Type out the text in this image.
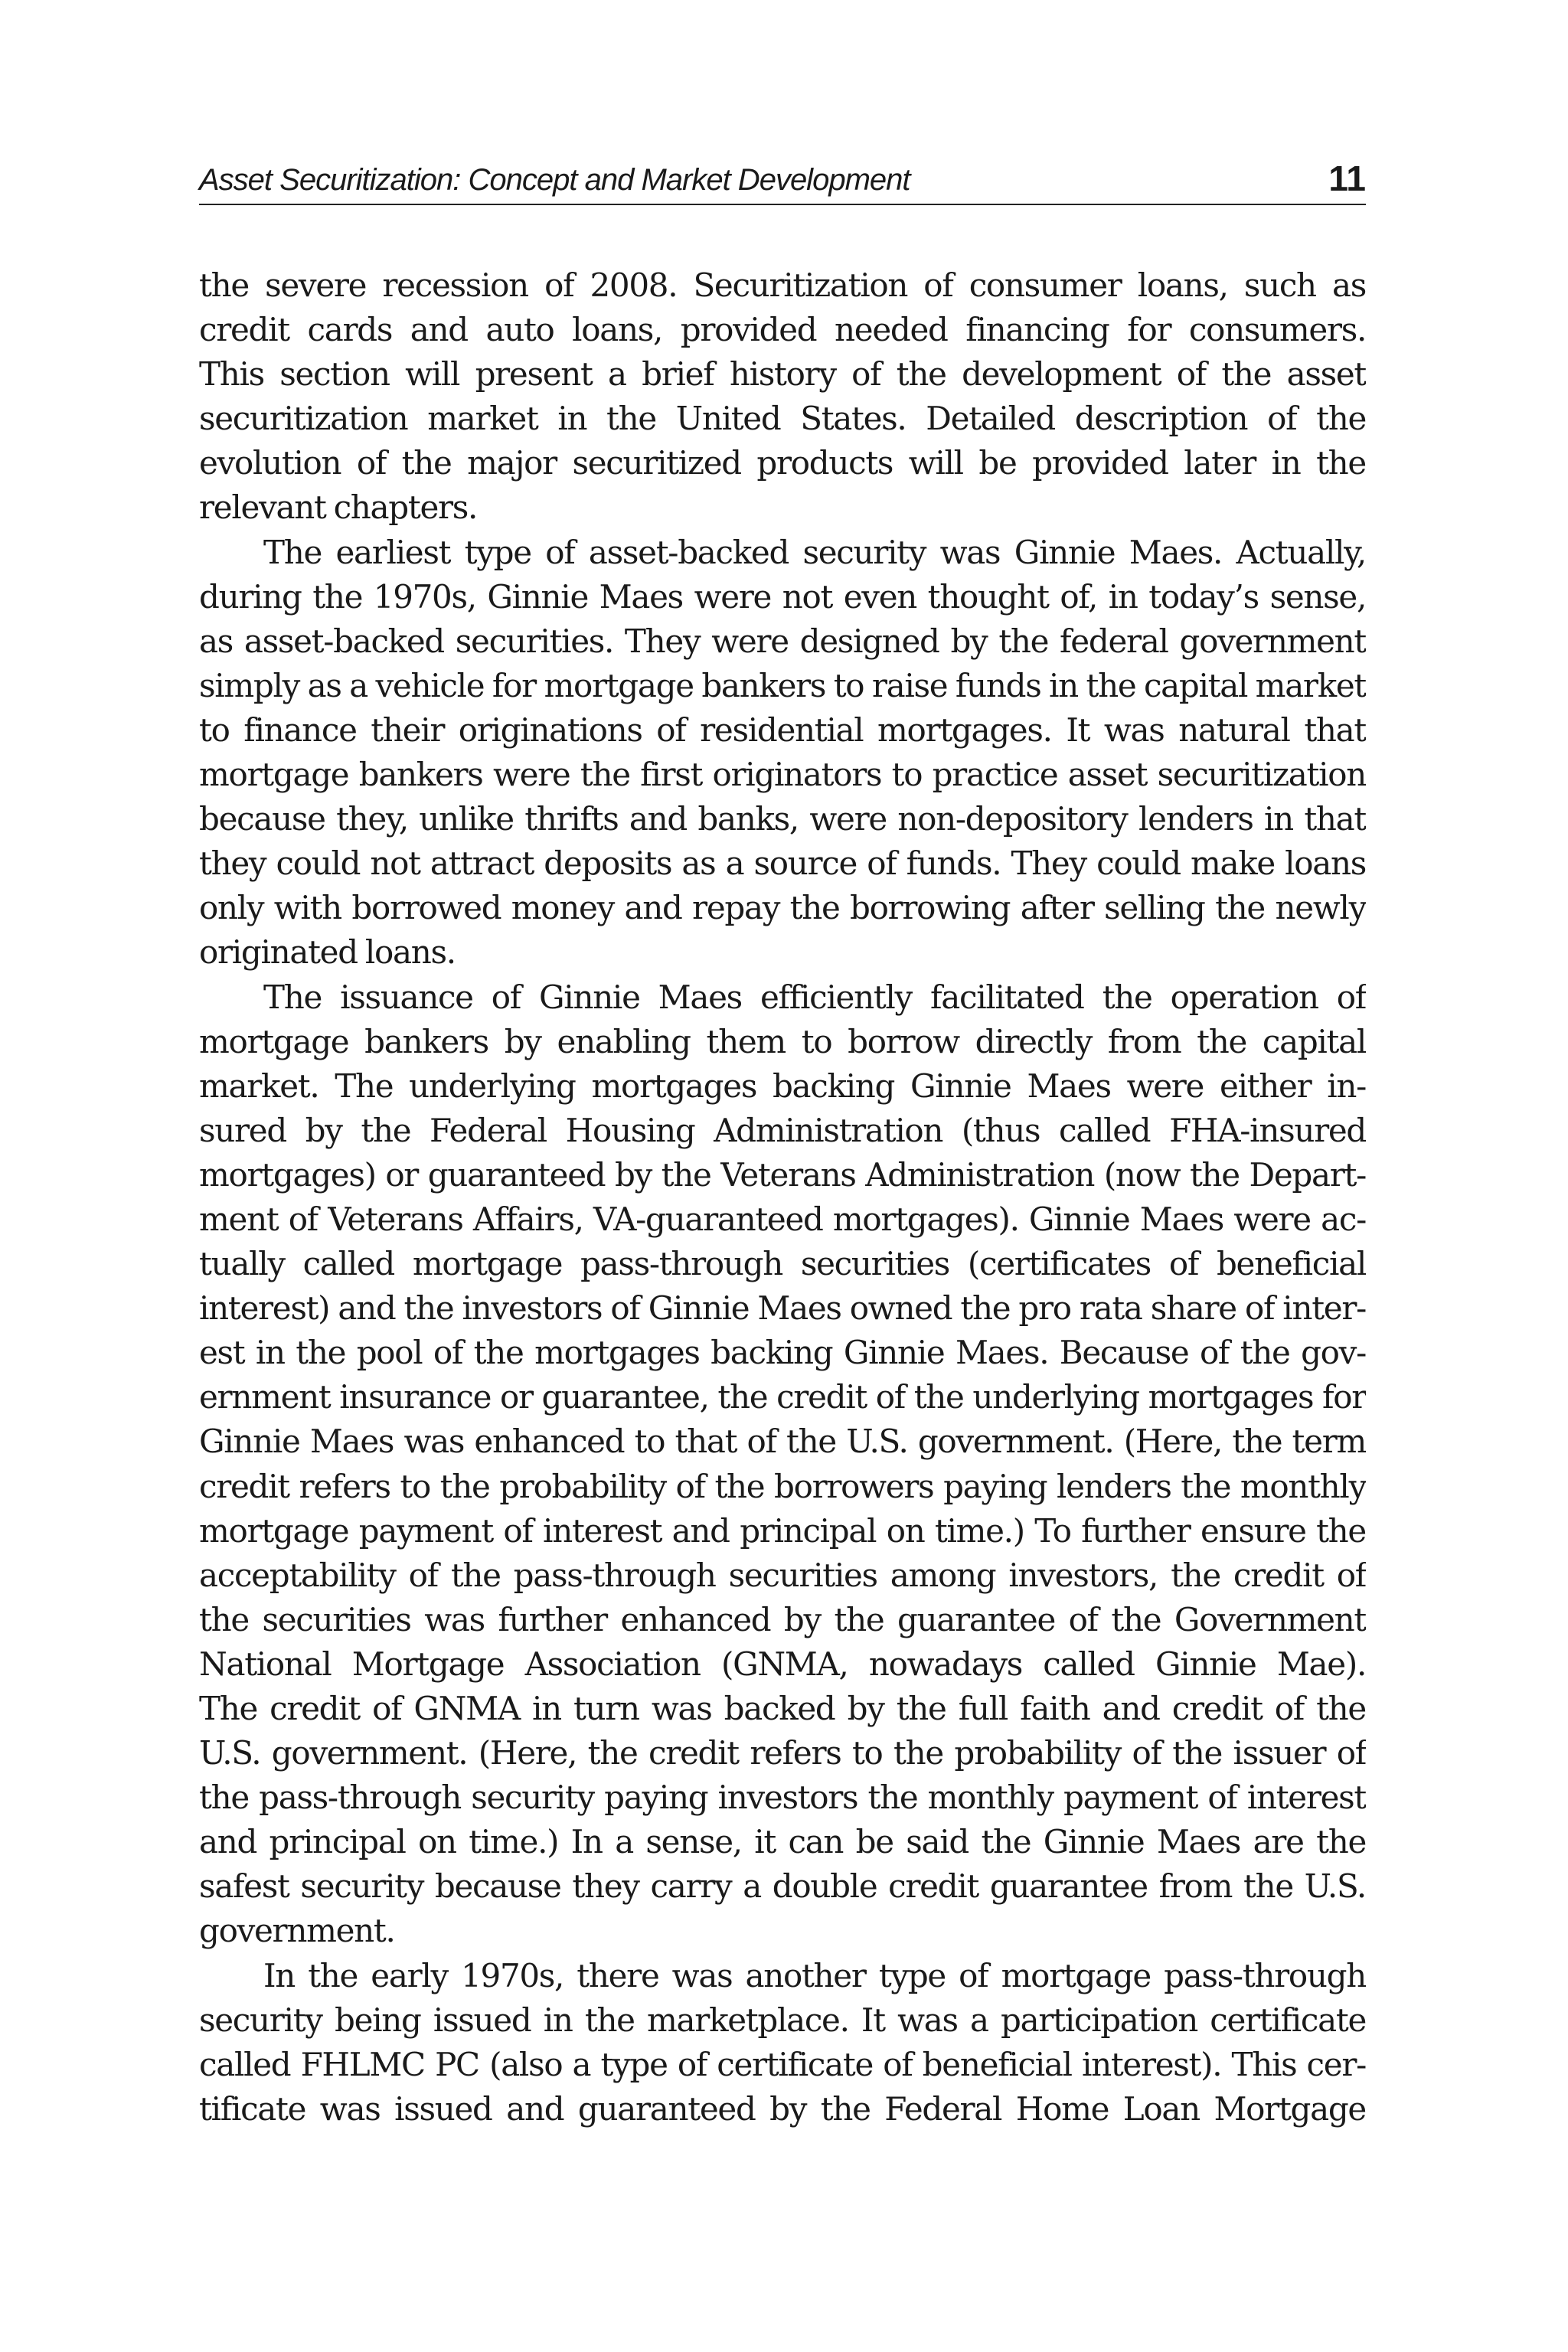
Asset Securitization: Concept and Market Development	11
the severe recession of 2008. Securitization of consumer loans, such as
credit cards and auto loans, provided needed financing for consumers.
This section will present a brief history of the development of the asset
securitization market in the United States. Detailed description of the
evolution of the major securitized products will be provided later in the
relevant chapters.
The earliest type of asset-backed security was Ginnie Maes. Actually,
during the 1970s, Ginnie Maes were not even thought of, in today’s sense,
as asset-backed securities. They were designed by the federal government
simply as a vehicle for mortgage bankers to raise funds in the capital market
to finance their originations of residential mortgages. It was natural that
mortgage bankers were the first originators to practice asset securitization
because they, unlike thrifts and banks, were non-depository lenders in that
they could not attract deposits as a source of funds. They could make loans
only with borrowed money and repay the borrowing after selling the newly
originated loans.
The issuance of Ginnie Maes efficiently facilitated the operation of
mortgage bankers by enabling them to borrow directly from the capital
market. The underlying mortgages backing Ginnie Maes were either in-
sured by the Federal Housing Administration (thus called FHA-insured
mortgages) or guaranteed by the Veterans Administration (now the Depart-
ment of Veterans Affairs, VA-guaranteed mortgages). Ginnie Maes were ac-
tually called mortgage pass-through securities (certificates of beneficial
interest) and the investors of Ginnie Maes owned the pro rata share of inter-
est in the pool of the mortgages backing Ginnie Maes. Because of the gov-
ernment insurance or guarantee, the credit of the underlying mortgages for
Ginnie Maes was enhanced to that of the U.S. government. (Here, the term
credit refers to the probability of the borrowers paying lenders the monthly
mortgage payment of interest and principal on time.) To further ensure the
acceptability of the pass-through securities among investors, the credit of
the securities was further enhanced by the guarantee of the Government
National Mortgage Association (GNMA, nowadays called Ginnie Mae).
The credit of GNMA in turn was backed by the full faith and credit of the
U.S. government. (Here, the credit refers to the probability of the issuer of
the pass-through security paying investors the monthly payment of interest
and principal on time.) In a sense, it can be said the Ginnie Maes are the
safest security because they carry a double credit guarantee from the U.S.
government.
In the early 1970s, there was another type of mortgage pass-through
security being issued in the marketplace. It was a participation certificate
called FHLMC PC (also a type of certificate of beneficial interest). This cer-
tificate was issued and guaranteed by the Federal Home Loan Mortgage
